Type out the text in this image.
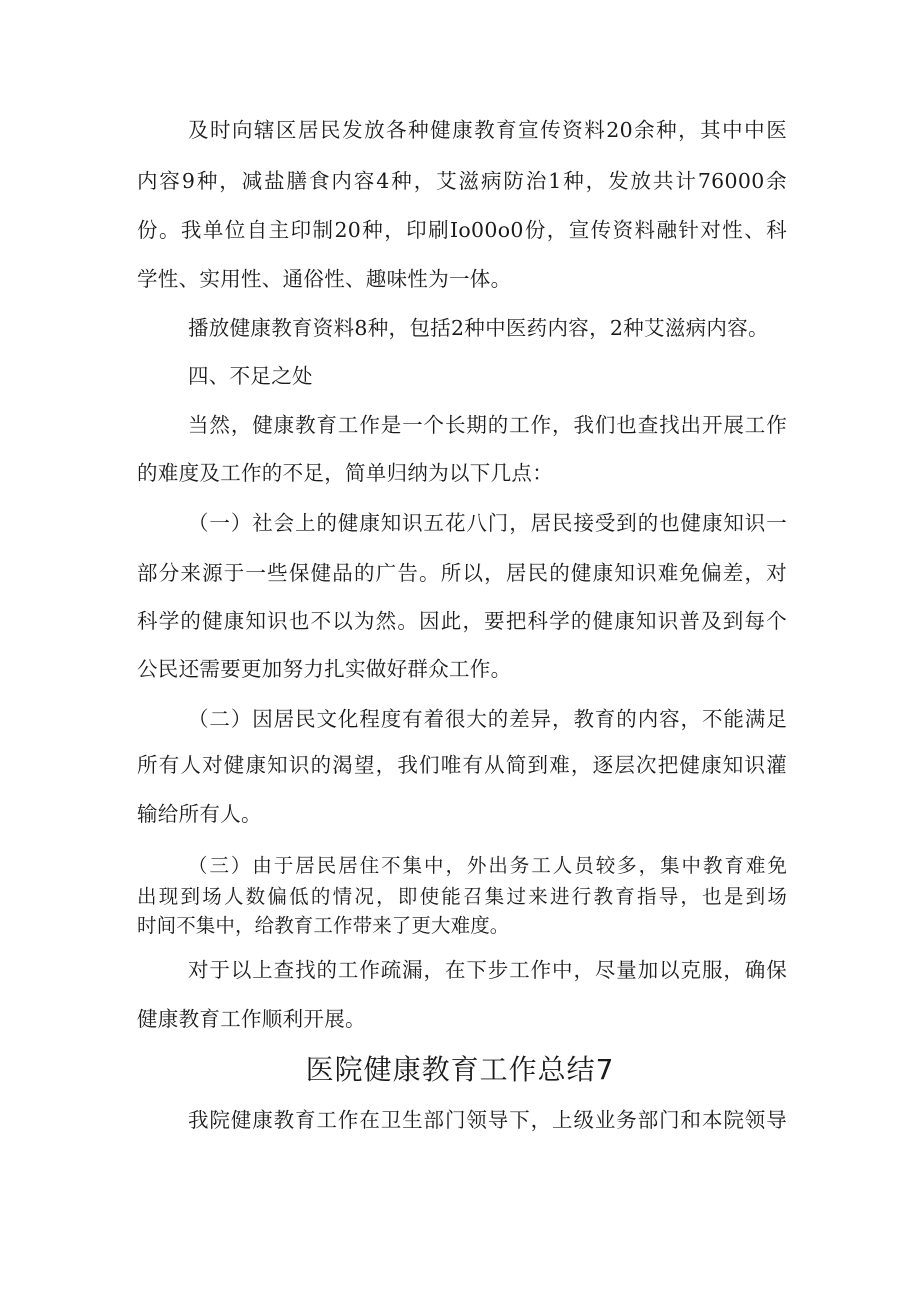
及时向辖区居民发放各种健康教育宣传资料20余种，其中中医
内容9种，减盐膳食内容4种，艾滋病防治1种，发放共计76000余
份。我单位自主印制20种，印刷Io00o0份，宣传资料融针对性、科
学性、实用性、通俗性、趣味性为一体。
播放健康教育资料8种，包括2种中医药内容，2种艾滋病内容。
四、不足之处
当然，健康教育工作是一个长期的工作，我们也查找出开展工作
的难度及工作的不足，简单归纳为以下几点：
（一）社会上的健康知识五花八门，居民接受到的也健康知识一
部分来源于一些保健品的广告。所以，居民的健康知识难免偏差，对
科学的健康知识也不以为然。因此，要把科学的健康知识普及到每个
公民还需要更加努力扎实做好群众工作。
（二）因居民文化程度有着很大的差异，教育的内容，不能满足
所有人对健康知识的渴望，我们唯有从简到难，逐层次把健康知识灌
输给所有人。
（三）由于居民居住不集中，外出务工人员较多，集中教育难免
出现到场人数偏低的情况，即使能召集过来进行教育指导，也是到场
时间不集中，给教育工作带来了更大难度。
对于以上查找的工作疏漏，在下步工作中，尽量加以克服，确保
健康教育工作顺利开展。
医院健康教育工作总结7
我院健康教育工作在卫生部门领导下，上级业务部门和本院领导
